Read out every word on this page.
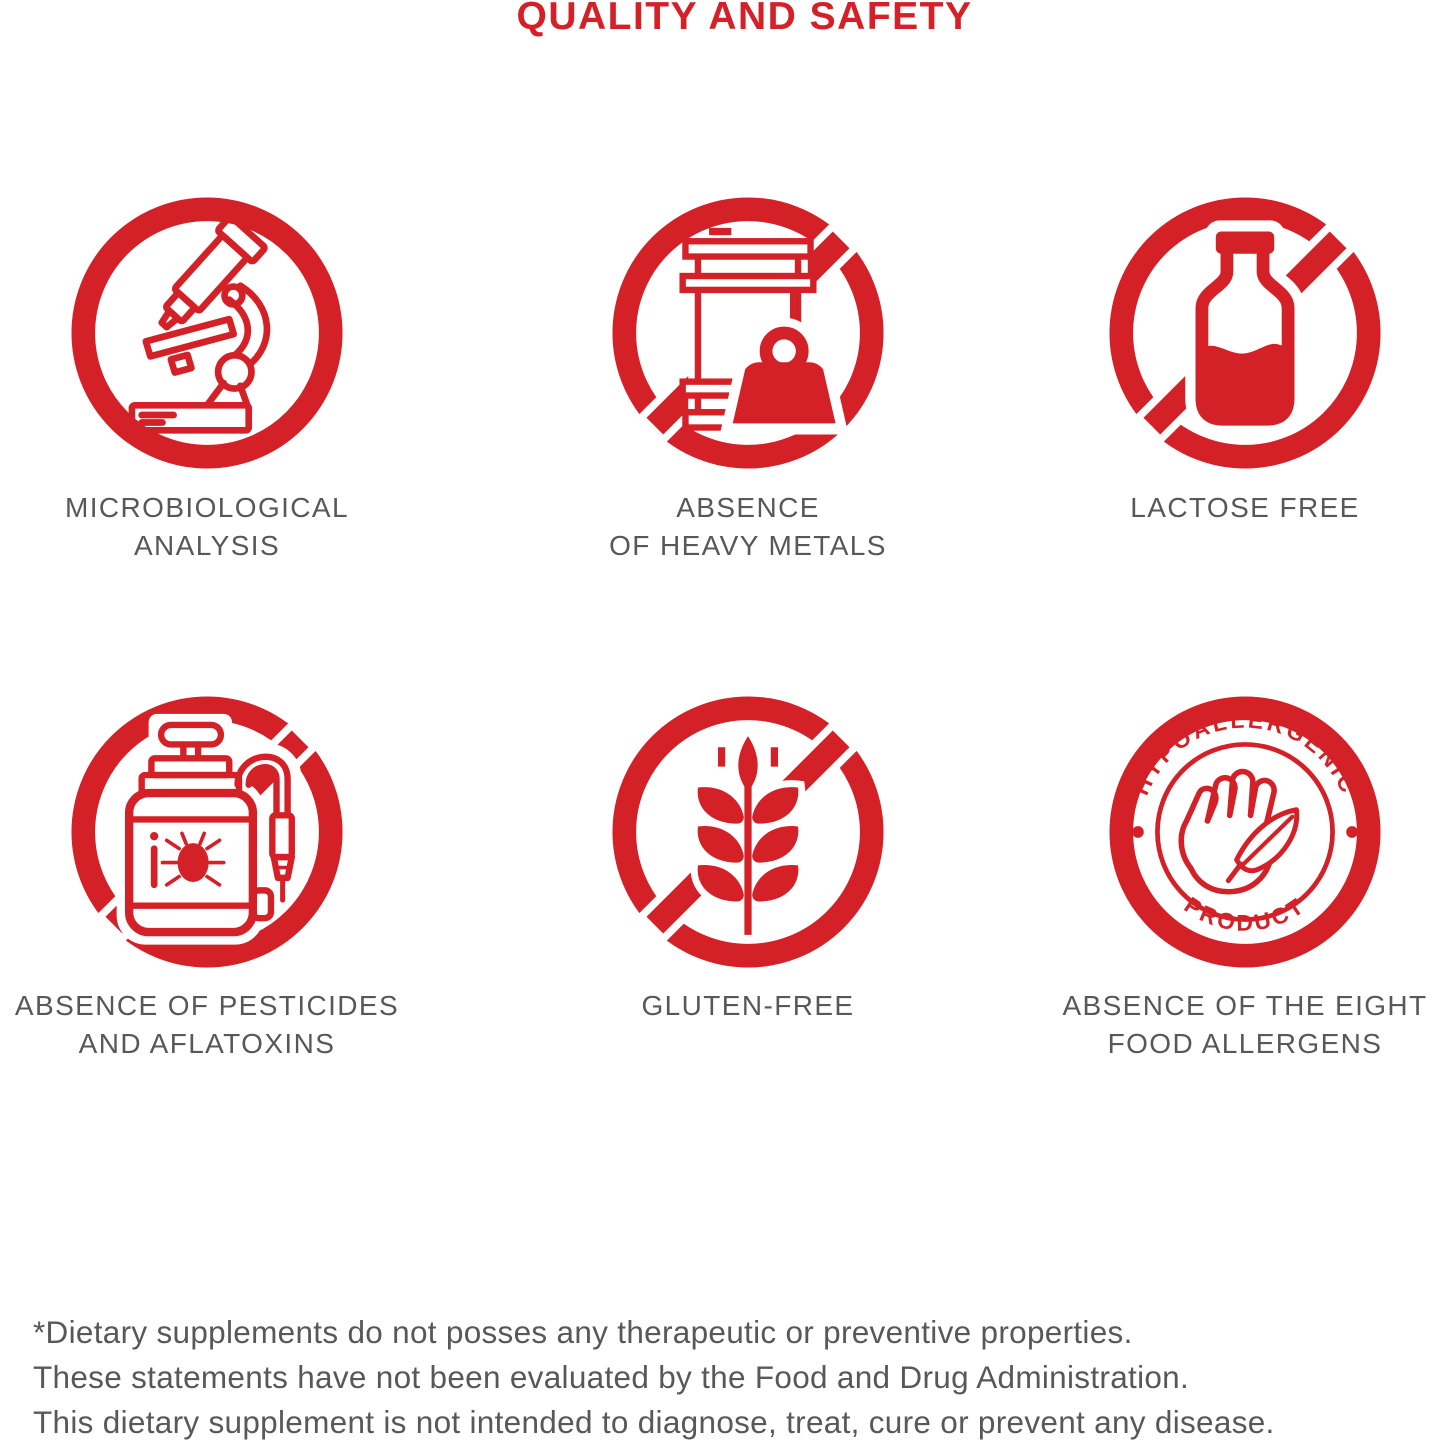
QUALITY AND SAFETY
MICROBIOLOGICAL
ANALYSIS
ABSENCE
OF HEAVY METALS
LACTOSE FREE
HYPOALLERGENIC
PRODUCT
ABSENCE OF PESTICIDES
AND AFLATOXINS
GLUTEN-FREE	ABSENCE OF THE EIGHT
FOOD ALLERGENS
*Dietary supplements do not posses any therapeutic or preventive properties.
These statements have not been evaluated by the Food and Drug Administration.
This dietary supplement is not intended to diagnose, treat, cure or prevent any disease.
